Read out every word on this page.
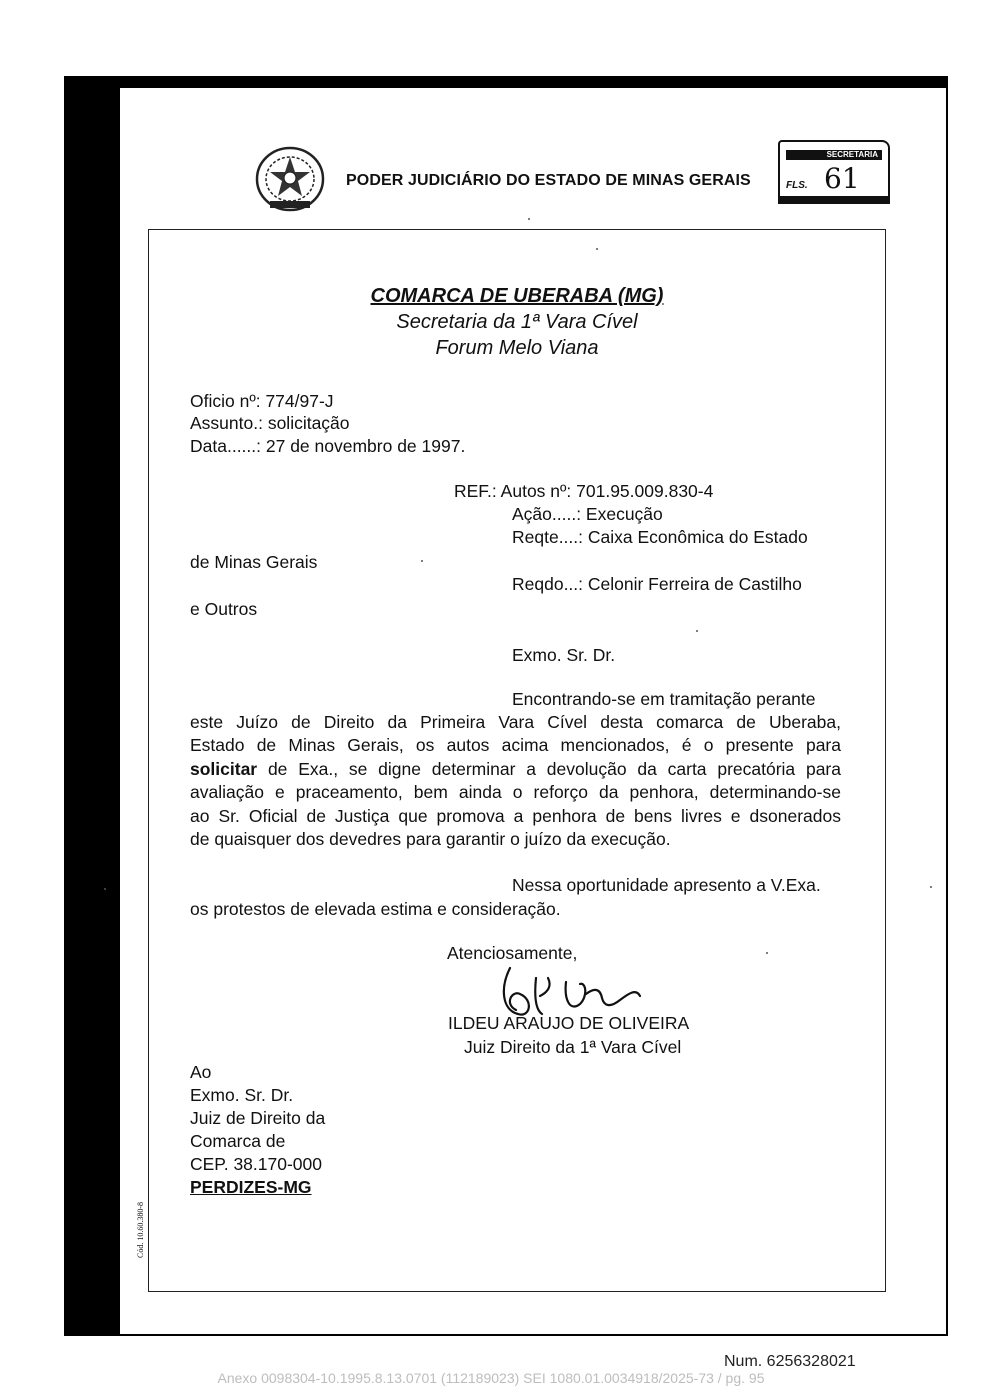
PODER JUDICIÁRIO DO ESTADO DE MINAS GERAIS
SECRETARIA
FLS. 61
COMARCA DE UBERABA (MG)
Secretaria da 1ª Vara Cível
Forum Melo Viana
Oficio nº: 774/97-J
Assunto.: solicitação
Data......: 27 de novembro de 1997.
REF.: Autos nº: 701.95.009.830-4
Ação.....: Execução
Reqte....: Caixa Econômica do Estado
de Minas Gerais
Reqdo...: Celonir Ferreira de Castilho
e Outros
Exmo. Sr. Dr.
Encontrando-se em tramitação perante
este Juízo de Direito da Primeira Vara Cível desta comarca de Uberaba,
Estado de Minas Gerais, os autos acima mencionados, é o presente para
solicitar de Exa., se digne determinar a devolução da carta precatória para
avaliação e praceamento, bem ainda o reforço da penhora, determinando-se
ao Sr. Oficial de Justiça que promova a penhora de bens livres e dsonerados
de quaisquer dos devedres para garantir o juízo da execução.
Nessa oportunidade apresento a V.Exa.
os protestos de elevada estima e consideração.
Atenciosamente,
ILDEU ARAUJO DE OLIVEIRA
Juiz Direito da 1ª Vara Cível
Ao
Exmo. Sr. Dr.
Juiz de Direito da
Comarca de
CEP. 38.170-000
PERDIZES-MG
Cód. 10.60.380-8
Num. 6256328021
Anexo 0098304-10.1995.8.13.0701 (112189023) SEI 1080.01.0034918/2025-73 / pg. 95
